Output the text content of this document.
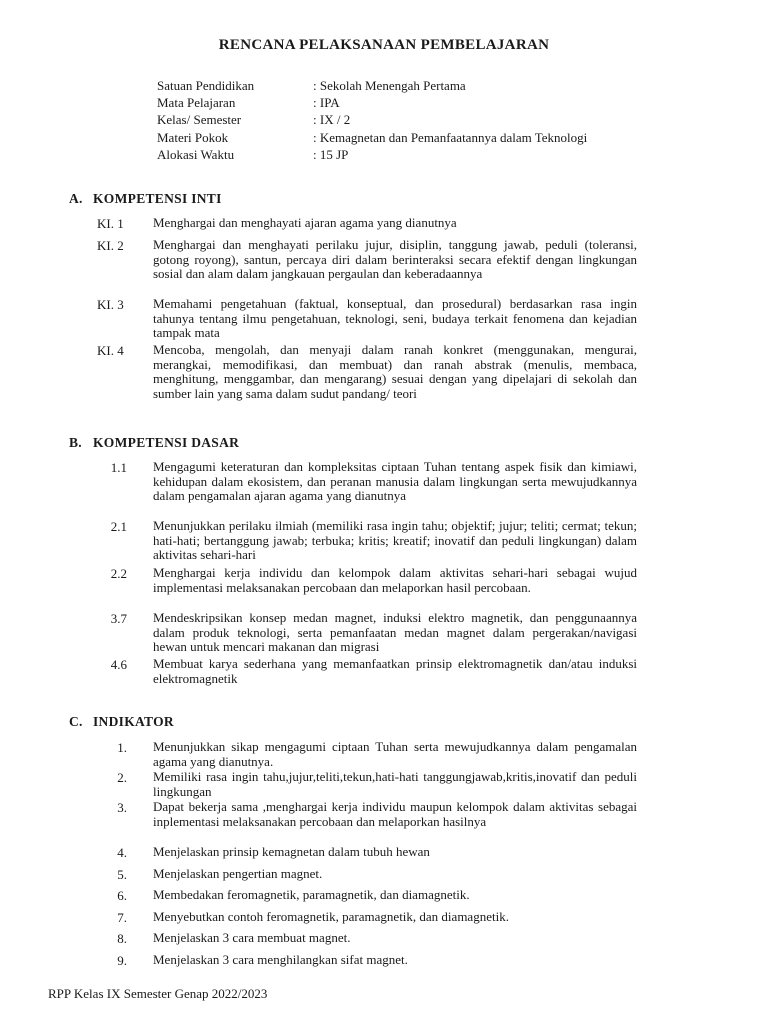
RENCANA PELAKSANAAN PEMBELAJARAN
Satuan Pendidikan	: Sekolah Menengah Pertama
Mata Pelajaran	: IPA
Kelas/ Semester	: IX / 2
Materi Pokok	: Kemagnetan dan Pemanfaatannya dalam Teknologi
Alokasi Waktu	: 15 JP
A. KOMPETENSI INTI
KI. 1	Menghargai dan menghayati ajaran agama yang dianutnya
KI. 2	Menghargai dan menghayati perilaku jujur, disiplin, tanggung jawab, peduli (toleransi, gotong royong), santun, percaya diri dalam berinteraksi secara efektif dengan lingkungan sosial dan alam dalam jangkauan pergaulan dan keberadaannya
KI. 3	Memahami pengetahuan (faktual, konseptual, dan prosedural) berdasarkan rasa ingin tahunya tentang ilmu pengetahuan, teknologi, seni, budaya terkait fenomena dan kejadian tampak mata
KI. 4	Mencoba, mengolah, dan menyaji dalam ranah konkret (menggunakan, mengurai, merangkai, memodifikasi, dan membuat) dan ranah abstrak (menulis, membaca, menghitung, menggambar, dan mengarang) sesuai dengan yang dipelajari di sekolah dan sumber lain yang sama dalam sudut pandang/ teori
B. KOMPETENSI DASAR
1.1 Mengagumi keteraturan dan kompleksitas ciptaan Tuhan tentang aspek fisik dan kimiawi, kehidupan dalam ekosistem, dan peranan manusia dalam lingkungan serta mewujudkannya dalam pengamalan ajaran agama yang dianutnya
2.1 Menunjukkan perilaku ilmiah (memiliki rasa ingin tahu; objektif; jujur; teliti; cermat; tekun; hati-hati; bertanggung jawab; terbuka; kritis; kreatif; inovatif dan peduli lingkungan) dalam aktivitas sehari-hari
2.2 Menghargai kerja individu dan kelompok dalam aktivitas sehari-hari sebagai wujud implementasi melaksanakan percobaan dan melaporkan hasil percobaan.
3.7 Mendeskripsikan konsep medan magnet, induksi elektro magnetik, dan penggunaannya dalam produk teknologi, serta pemanfaatan medan magnet dalam pergerakan/navigasi hewan untuk mencari makanan dan migrasi
4.6 Membuat karya sederhana yang memanfaatkan prinsip elektromagnetik dan/atau induksi elektromagnetik
C. INDIKATOR
1. Menunjukkan sikap mengagumi ciptaan Tuhan serta mewujudkannya dalam pengamalan agama yang dianutnya.
2. Memiliki rasa ingin tahu,jujur,teliti,tekun,hati-hati tanggungjawab,kritis,inovatif dan peduli lingkungan
3. Dapat bekerja sama ,menghargai kerja individu maupun kelompok dalam aktivitas sebagai inplementasi melaksanakan percobaan dan melaporkan hasilnya
4. Menjelaskan prinsip kemagnetan dalam tubuh hewan
5. Menjelaskan pengertian magnet.
6. Membedakan feromagnetik, paramagnetik, dan diamagnetik.
7. Menyebutkan contoh feromagnetik, paramagnetik, dan diamagnetik.
8. Menjelaskan 3 cara membuat magnet.
9. Menjelaskan 3 cara menghilangkan sifat magnet.
RPP Kelas IX Semester Genap 2022/2023
